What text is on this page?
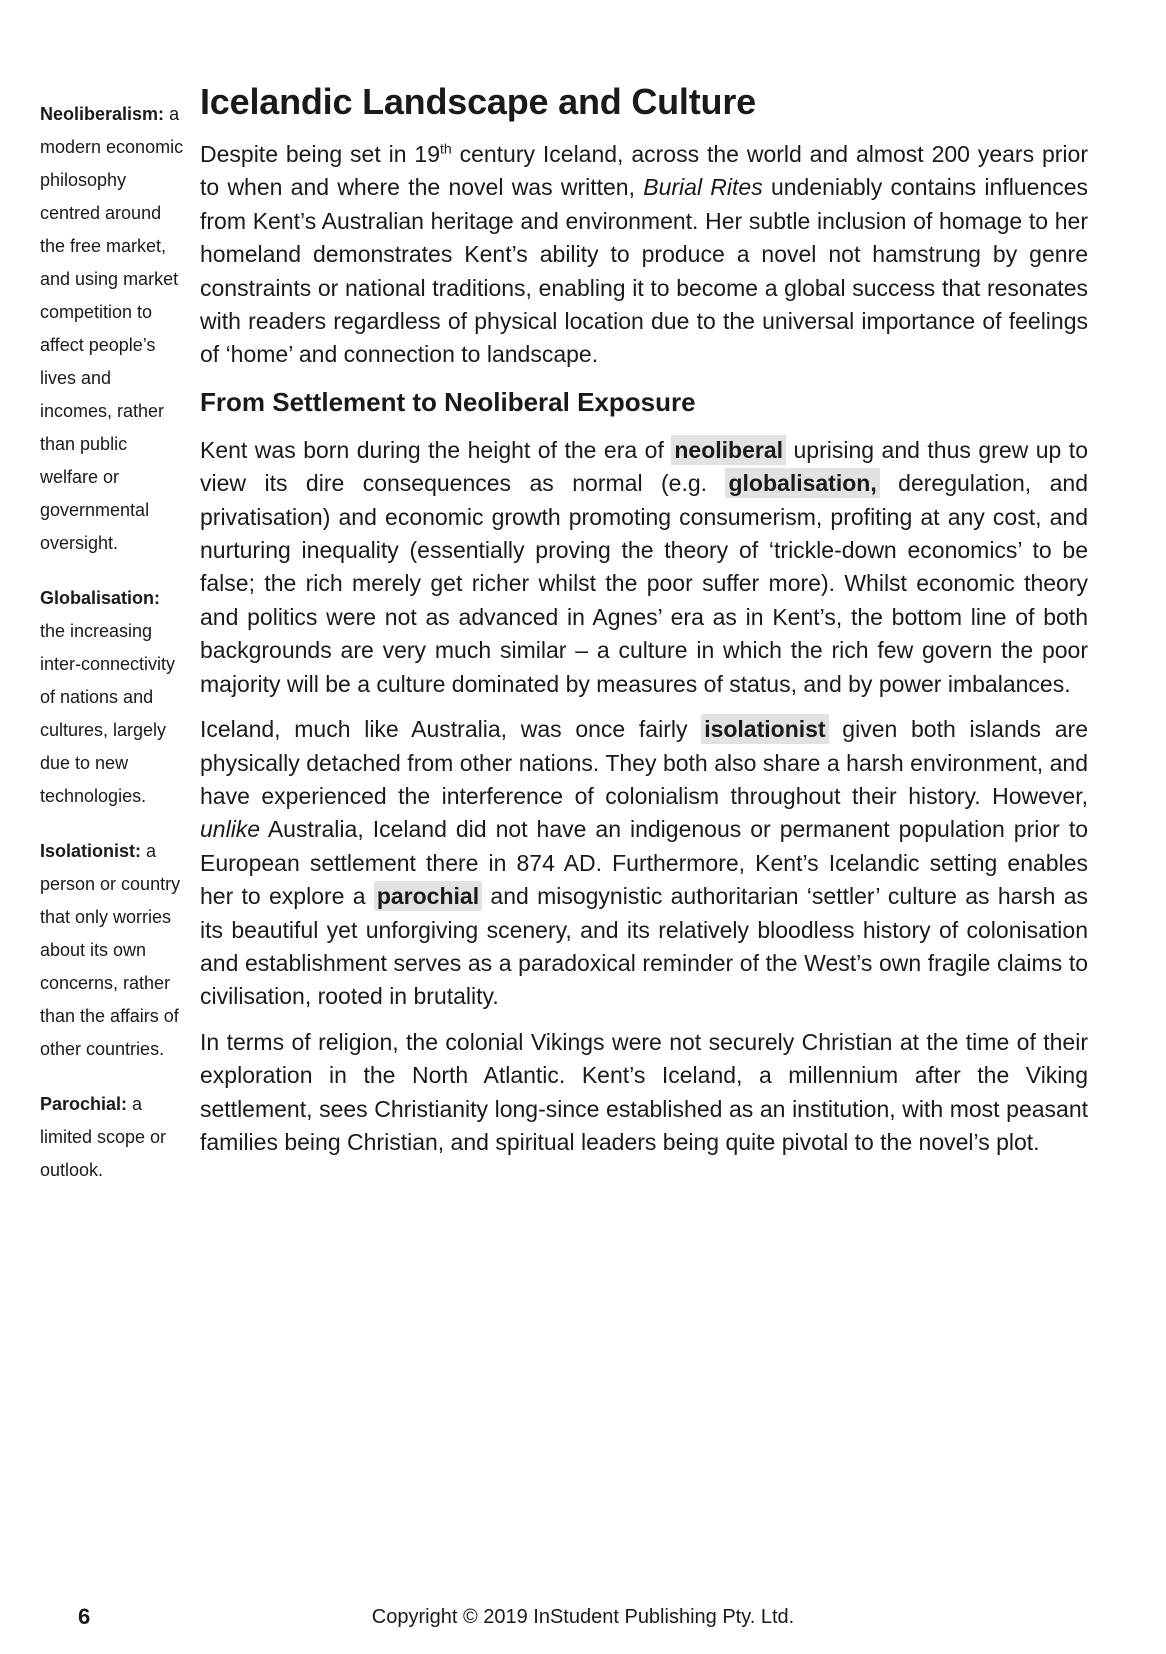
Neoliberalism: a modern economic philosophy centred around the free market, and using market competition to affect people’s lives and incomes, rather than public welfare or governmental oversight.
Globalisation: the increasing inter-connectivity of nations and cultures, largely due to new technologies.
Isolationist: a person or country that only worries about its own concerns, rather than the affairs of other countries.
Parochial: a limited scope or outlook.
Icelandic Landscape and Culture

Despite being set in 19th century Iceland, across the world and almost 200 years prior to when and where the novel was written, Burial Rites undeniably contains influences from Kent’s Australian heritage and environment. Her subtle inclusion of homage to her homeland demonstrates Kent’s ability to produce a novel not hamstrung by genre constraints or national traditions, enabling it to become a global success that resonates with readers regardless of physical location due to the universal importance of feelings of ‘home’ and connection to landscape.

From Settlement to Neoliberal Exposure

Kent was born during the height of the era of neoliberal uprising and thus grew up to view its dire consequences as normal (e.g. globalisation, deregulation, and privatisation) and economic growth promoting consumerism, profiting at any cost, and nurturing inequality (essentially proving the theory of ‘trickle-down economics’ to be false; the rich merely get richer whilst the poor suffer more). Whilst economic theory and politics were not as advanced in Agnes’ era as in Kent’s, the bottom line of both backgrounds are very much similar – a culture in which the rich few govern the poor majority will be a culture dominated by measures of status, and by power imbalances.

Iceland, much like Australia, was once fairly isolationist given both islands are physically detached from other nations. They both also share a harsh environment, and have experienced the interference of colonialism throughout their history. However, unlike Australia, Iceland did not have an indigenous or permanent population prior to European settlement there in 874 AD. Furthermore, Kent’s Icelandic setting enables her to explore a parochial and misogynistic authoritarian ‘settler’ culture as harsh as its beautiful yet unforgiving scenery, and its relatively bloodless history of colonisation and establishment serves as a paradoxical reminder of the West’s own fragile claims to civilisation, rooted in brutality.

In terms of religion, the colonial Vikings were not securely Christian at the time of their exploration in the North Atlantic. Kent’s Iceland, a millennium after the Viking settlement, sees Christianity long-since established as an institution, with most peasant families being Christian, and spiritual leaders being quite pivotal to the novel’s plot.

6	Copyright © 2019 InStudent Publishing Pty. Ltd.
